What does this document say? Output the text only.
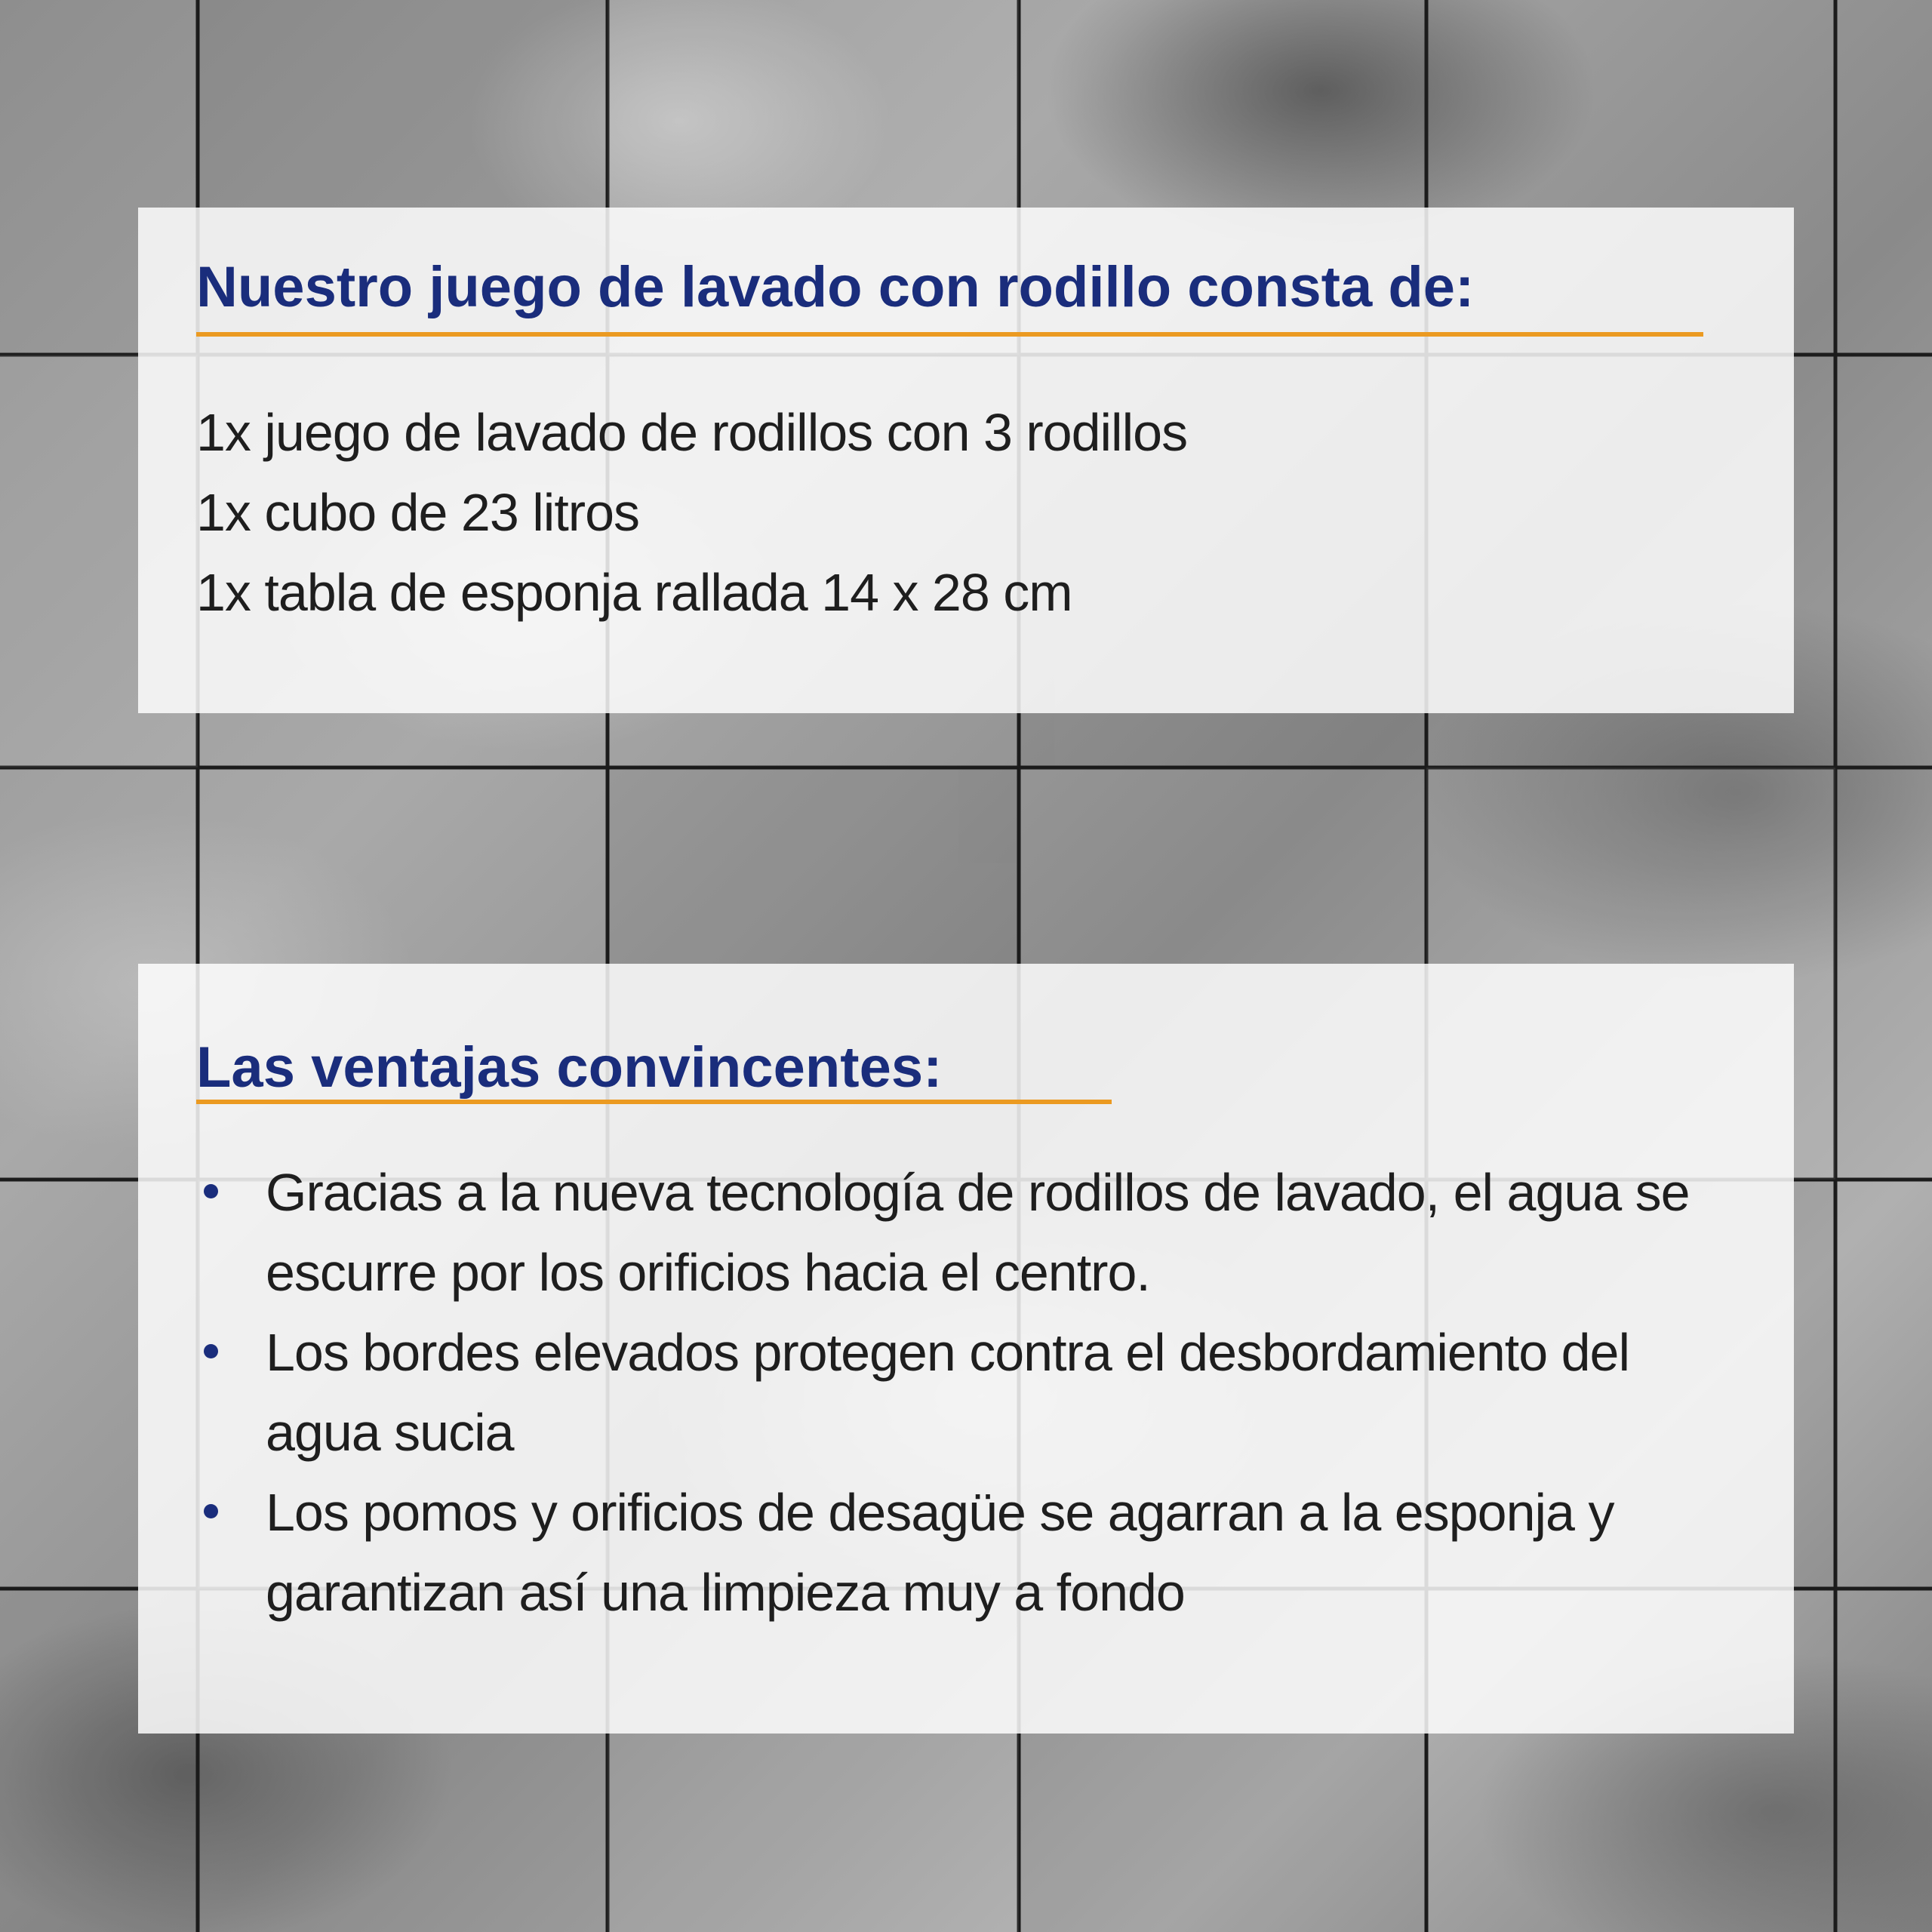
Nuestro juego de lavado con rodillo consta de:
1x juego de lavado de rodillos con 3 rodillos
1x cubo de 23 litros
1x tabla de esponja rallada 14 x 28 cm
Las ventajas convincentes:
Gracias a la nueva tecnología de rodillos de lavado, el agua se escurre por los orificios hacia el centro.
Los bordes elevados protegen contra el desbordamiento del agua sucia
Los pomos y orificios de desagüe se agarran a la esponja y garantizan así una limpieza muy a fondo
